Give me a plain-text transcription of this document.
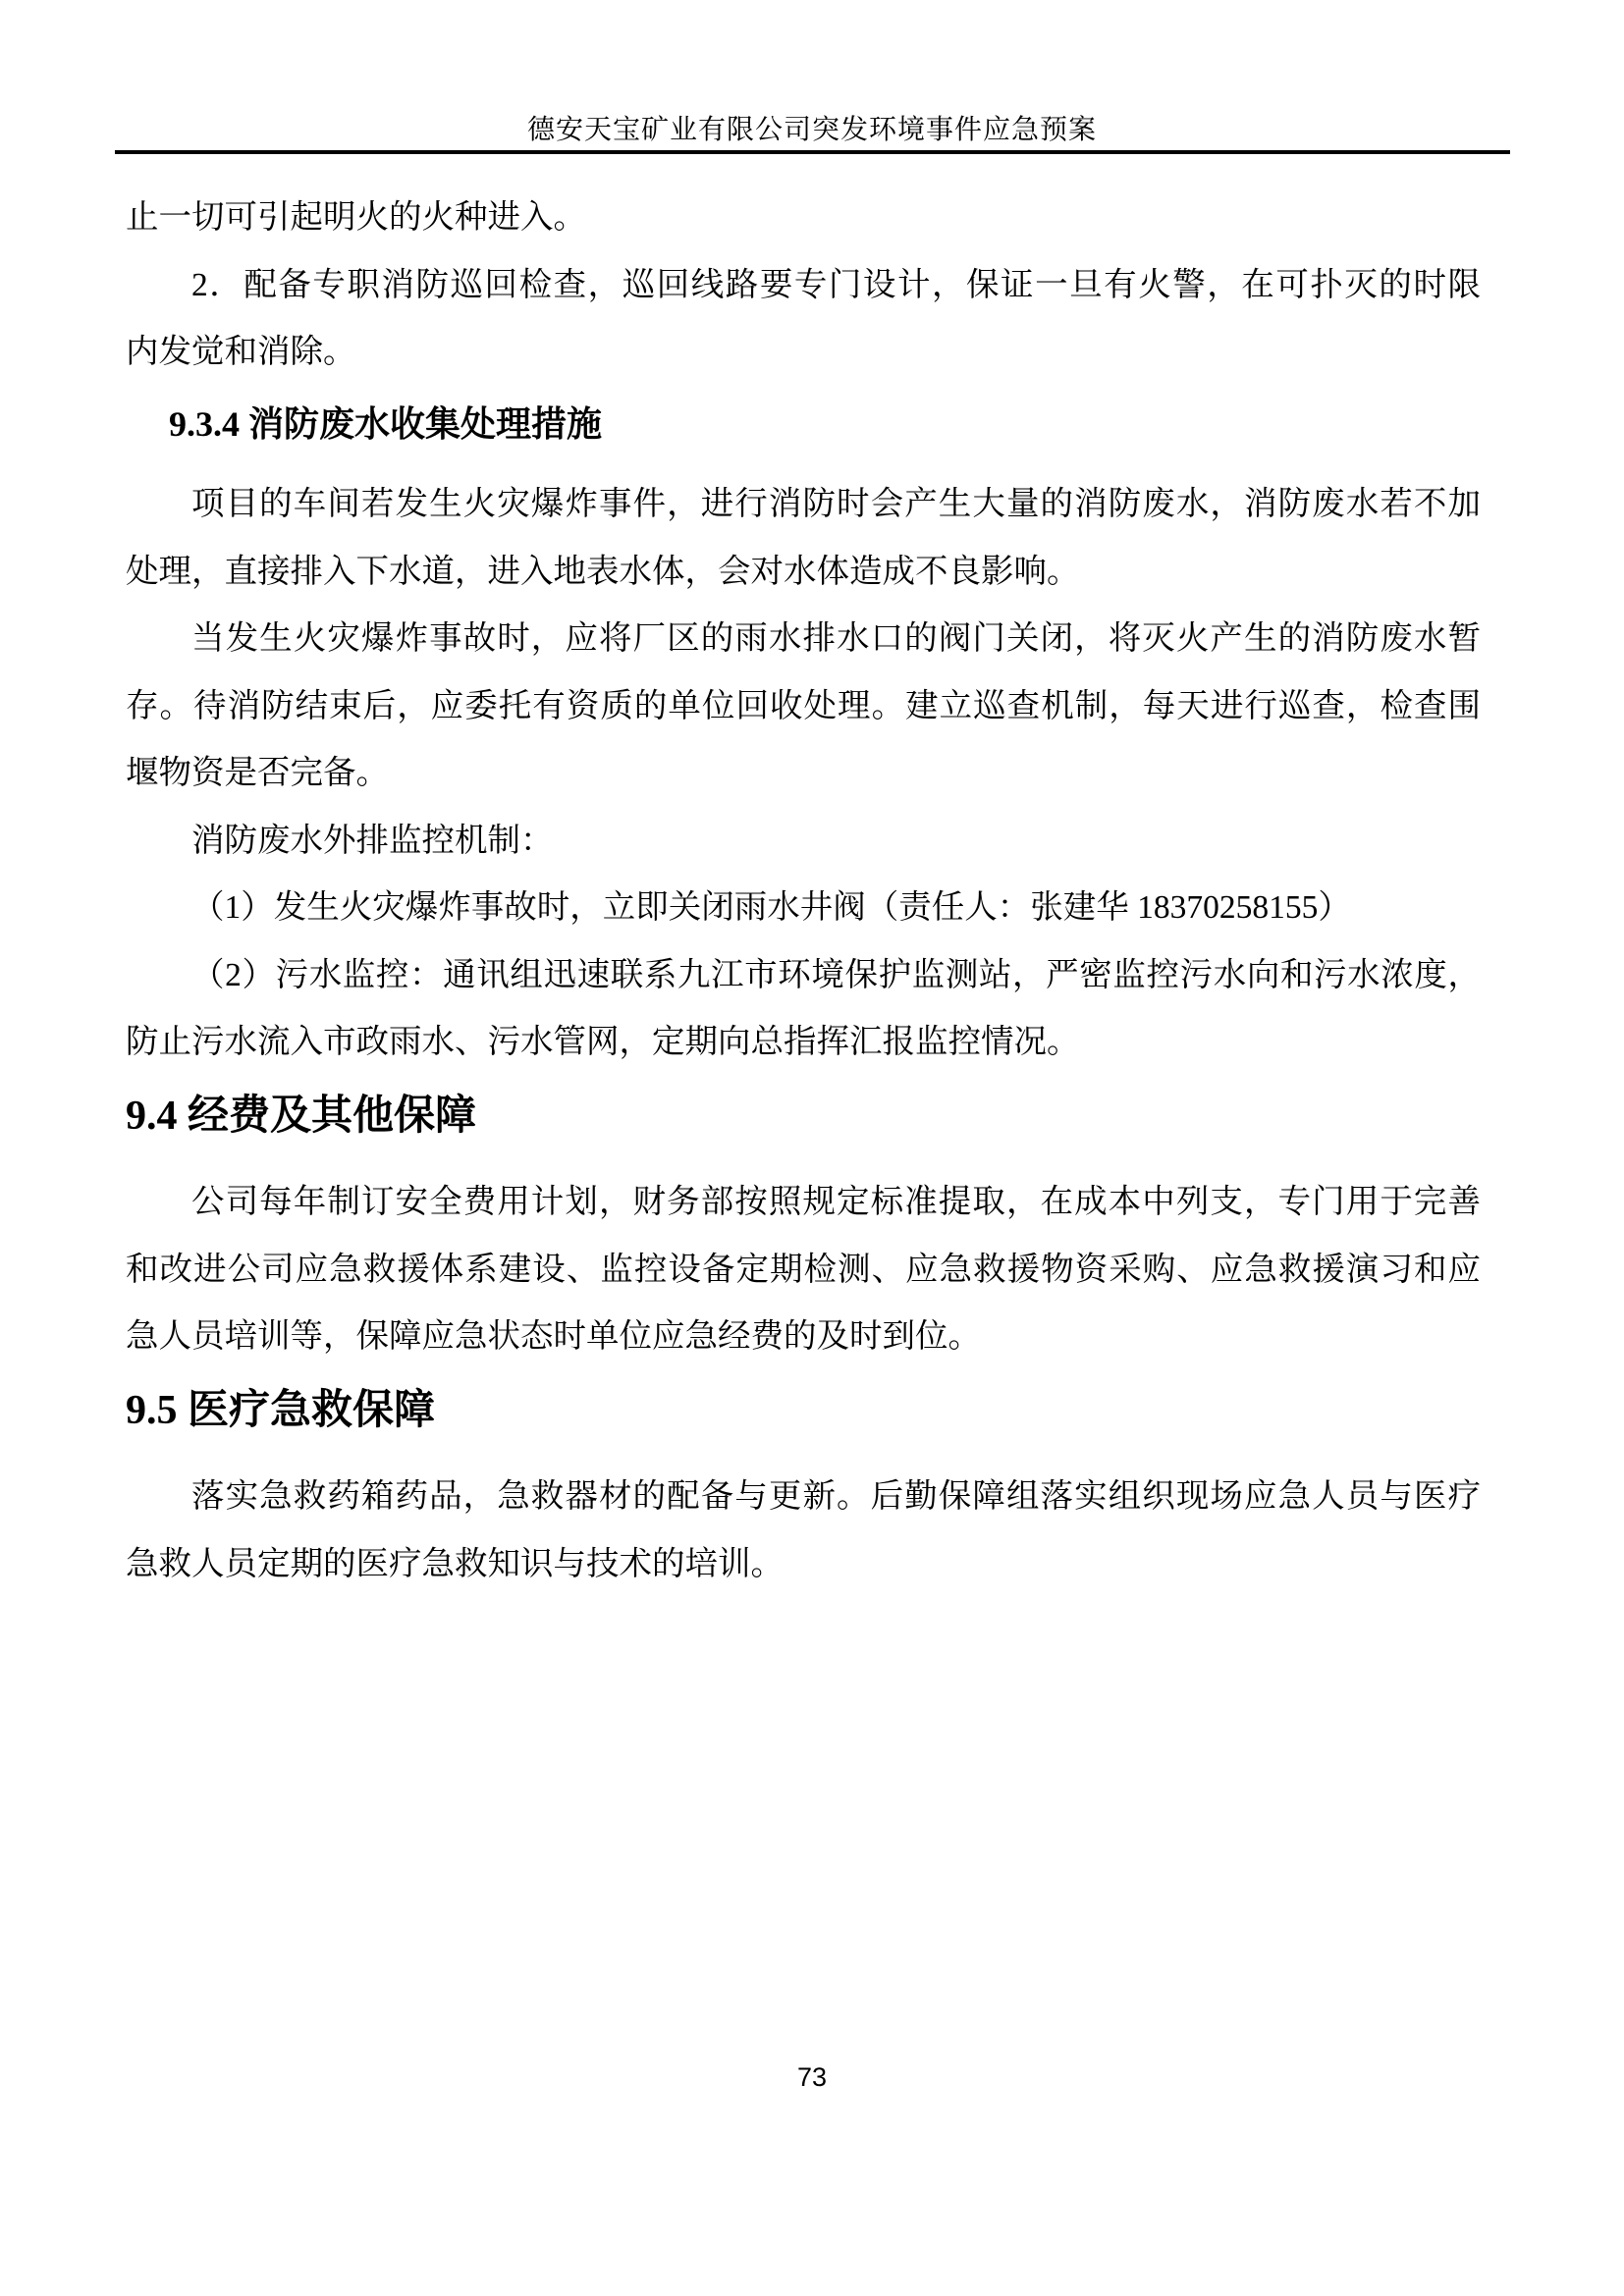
德安天宝矿业有限公司突发环境事件应急预案
止一切可引起明火的火种进入。
2．配备专职消防巡回检查，巡回线路要专门设计，保证一旦有火警，在可扑灭的时限
内发觉和消除。
9.3.4 消防废水收集处理措施
项目的车间若发生火灾爆炸事件，进行消防时会产生大量的消防废水，消防废水若不加
处理，直接排入下水道，进入地表水体，会对水体造成不良影响。
当发生火灾爆炸事故时，应将厂区的雨水排水口的阀门关闭，将灭火产生的消防废水暂
存。待消防结束后，应委托有资质的单位回收处理。建立巡查机制，每天进行巡查，检查围
堰物资是否完备。
消防废水外排监控机制：
（1）发生火灾爆炸事故时，立即关闭雨水井阀（责任人：张建华 18370258155）
（2）污水监控：通讯组迅速联系九江市环境保护监测站，严密监控污水向和污水浓度，
防止污水流入市政雨水、污水管网，定期向总指挥汇报监控情况。
9.4 经费及其他保障
公司每年制订安全费用计划，财务部按照规定标准提取，在成本中列支，专门用于完善
和改进公司应急救援体系建设、监控设备定期检测、应急救援物资采购、应急救援演习和应
急人员培训等，保障应急状态时单位应急经费的及时到位。
9.5 医疗急救保障
落实急救药箱药品，急救器材的配备与更新。后勤保障组落实组织现场应急人员与医疗
急救人员定期的医疗急救知识与技术的培训。
73
